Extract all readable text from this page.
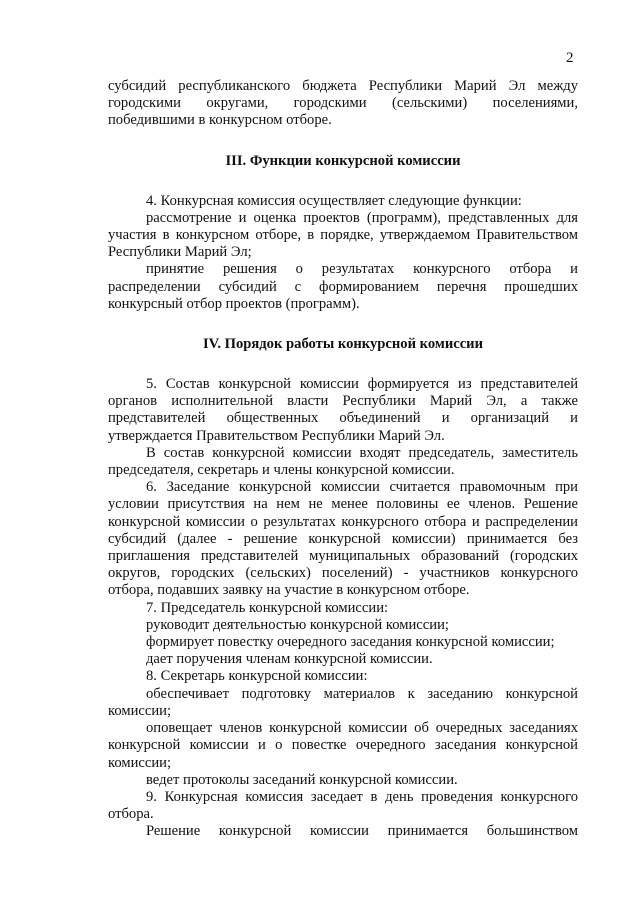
2

субсидий республиканского бюджета Республики Марий Эл между городскими округами, городскими (сельскими) поселениями, победившими в конкурсном отборе.

III. Функции конкурсной комиссии

4. Конкурсная комиссия осуществляет следующие функции:

рассмотрение и оценка проектов (программ), представленных для участия в конкурсном отборе, в порядке, утверждаемом Правительством Республики Марий Эл;

принятие решения о результатах конкурсного отбора и распределении субсидий с формированием перечня прошедших конкурсный отбор проектов (программ).

IV. Порядок работы конкурсной комиссии

5. Состав конкурсной комиссии формируется из представителей органов исполнительной власти Республики Марий Эл, а также представителей общественных объединений и организаций и утверждается Правительством Республики Марий Эл.

В состав конкурсной комиссии входят председатель, заместитель председателя, секретарь и члены конкурсной комиссии.

6. Заседание конкурсной комиссии считается правомочным при условии присутствия на нем не менее половины ее членов. Решение конкурсной комиссии о результатах конкурсного отбора и распределении субсидий (далее - решение конкурсной комиссии) принимается без приглашения представителей муниципальных образований (городских округов, городских (сельских) поселений) - участников конкурсного отбора, подавших заявку на участие в конкурсном отборе.

7. Председатель конкурсной комиссии:

руководит деятельностью конкурсной комиссии;

формирует повестку очередного заседания конкурсной комиссии;

дает поручения членам конкурсной комиссии.

8. Секретарь конкурсной комиссии:

обеспечивает подготовку материалов к заседанию конкурсной комиссии;

оповещает членов конкурсной комиссии об очередных заседаниях конкурсной комиссии и о повестке очередного заседания конкурсной комиссии;

ведет протоколы заседаний конкурсной комиссии.

9. Конкурсная комиссия заседает в день проведения конкурсного отбора.

Решение конкурсной комиссии принимается большинством
